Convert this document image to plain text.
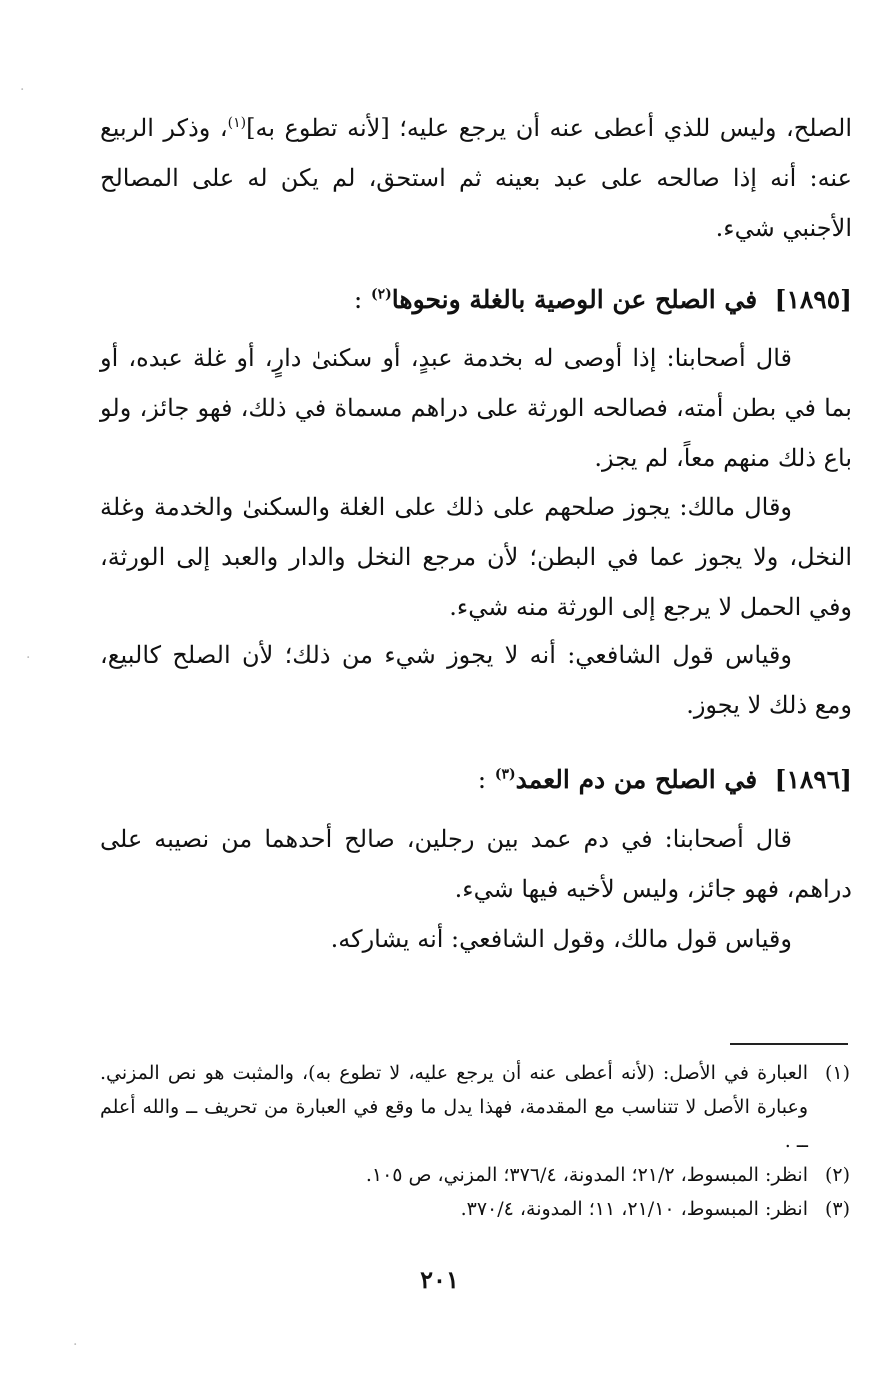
الصلح، وليس للذي أعطى عنه أن يرجع عليه؛ [لأنه تطوع به]$^{(١)}$، وذكر الربيع عنه: أنه إذا صالحه على عبد بعينه ثم استحق، لم يكن له على المصالح الأجنبي شيء.

[١٨٩٥]  في الصلح عن الوصية بالغلة ونحوها$^{(٢)}$ :

قال أصحابنا: إذا أوصى له بخدمة عبدٍ، أو سكنىٰ دارٍ، أو غلة عبده، أو بما في بطن أمته، فصالحه الورثة على دراهم مسماة في ذلك، فهو جائز، ولو باع ذلك منهم معاً، لم يجز.

وقال مالك: يجوز صلحهم على ذلك على الغلة والسكنىٰ والخدمة وغلة النخل، ولا يجوز عما في البطن؛ لأن مرجع النخل والدار والعبد إلى الورثة، وفي الحمل لا يرجع إلى الورثة منه شيء.

وقياس قول الشافعي: أنه لا يجوز شيء من ذلك؛ لأن الصلح كالبيع، ومع ذلك لا يجوز.

[١٨٩٦]  في الصلح من دم العمد$^{(٣)}$ :

قال أصحابنا: في دم عمد بين رجلين، صالح أحدهما من نصيبه على دراهم، فهو جائز، وليس لأخيه فيها شيء.

وقياس قول مالك، وقول الشافعي: أنه يشاركه.

(١)
العبارة في الأصل: (لأنه أعطى عنه أن يرجع عليه، لا تطوع به)، والمثبت هو نص المزني. وعبارة الأصل لا تتناسب مع المقدمة، فهذا يدل ما وقع في العبارة من تحريف ــ والله أعلم ــ .
(٢)
انظر: المبسوط، ٢١/٢؛ المدونة، ٣٧٦/٤؛ المزني، ص ١٠٥.
(٣)
انظر: المبسوط، ٢١/١٠، ١١؛ المدونة، ٣٧٠/٤.
٢٠١
·
·
·
